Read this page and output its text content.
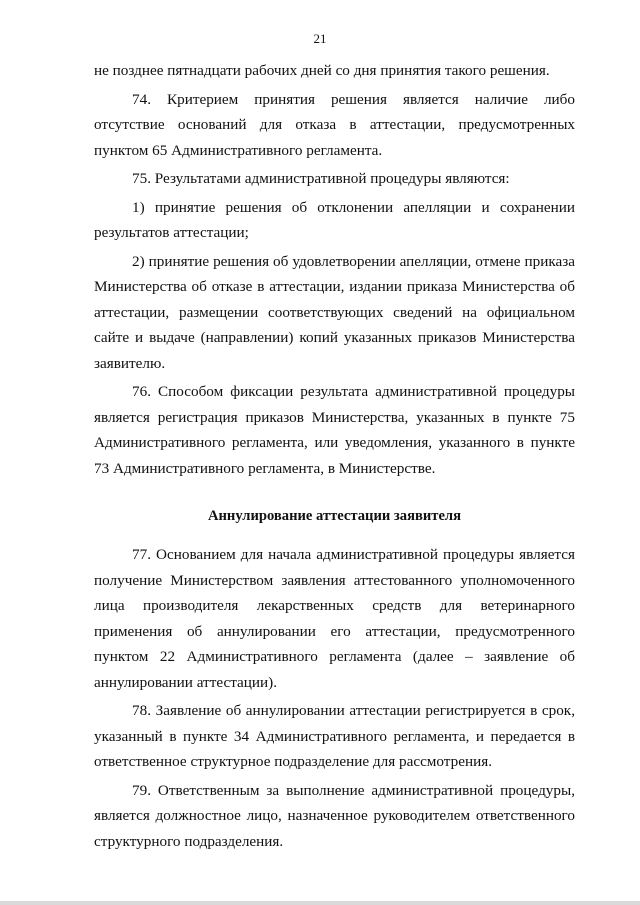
21

не позднее пятнадцати рабочих дней со дня принятия такого решения.

74. Критерием принятия решения является наличие либо отсутствие оснований для отказа в аттестации, предусмотренных пунктом 65 Административного регламента.

75. Результатами административной процедуры являются:

1) принятие решения об отклонении апелляции и сохранении результатов аттестации;

2) принятие решения об удовлетворении апелляции, отмене приказа Министерства об отказе в аттестации, издании приказа Министерства об аттестации, размещении соответствующих сведений на официальном сайте и выдаче (направлении) копий указанных приказов Министерства заявителю.

76. Способом фиксации результата административной процедуры является регистрация приказов Министерства, указанных в пункте 75 Административного регламента, или уведомления, указанного в пункте 73 Административного регламента, в Министерстве.

Аннулирование аттестации заявителя

77. Основанием для начала административной процедуры является получение Министерством заявления аттестованного уполномоченного лица производителя лекарственных средств для ветеринарного применения об аннулировании его аттестации, предусмотренного пунктом 22 Административного регламента (далее – заявление об аннулировании аттестации).

78. Заявление об аннулировании аттестации регистрируется в срок, указанный в пункте 34 Административного регламента, и передается в ответственное структурное подразделение для рассмотрения.

79. Ответственным за выполнение административной процедуры, является должностное лицо, назначенное руководителем ответственного структурного подразделения.
